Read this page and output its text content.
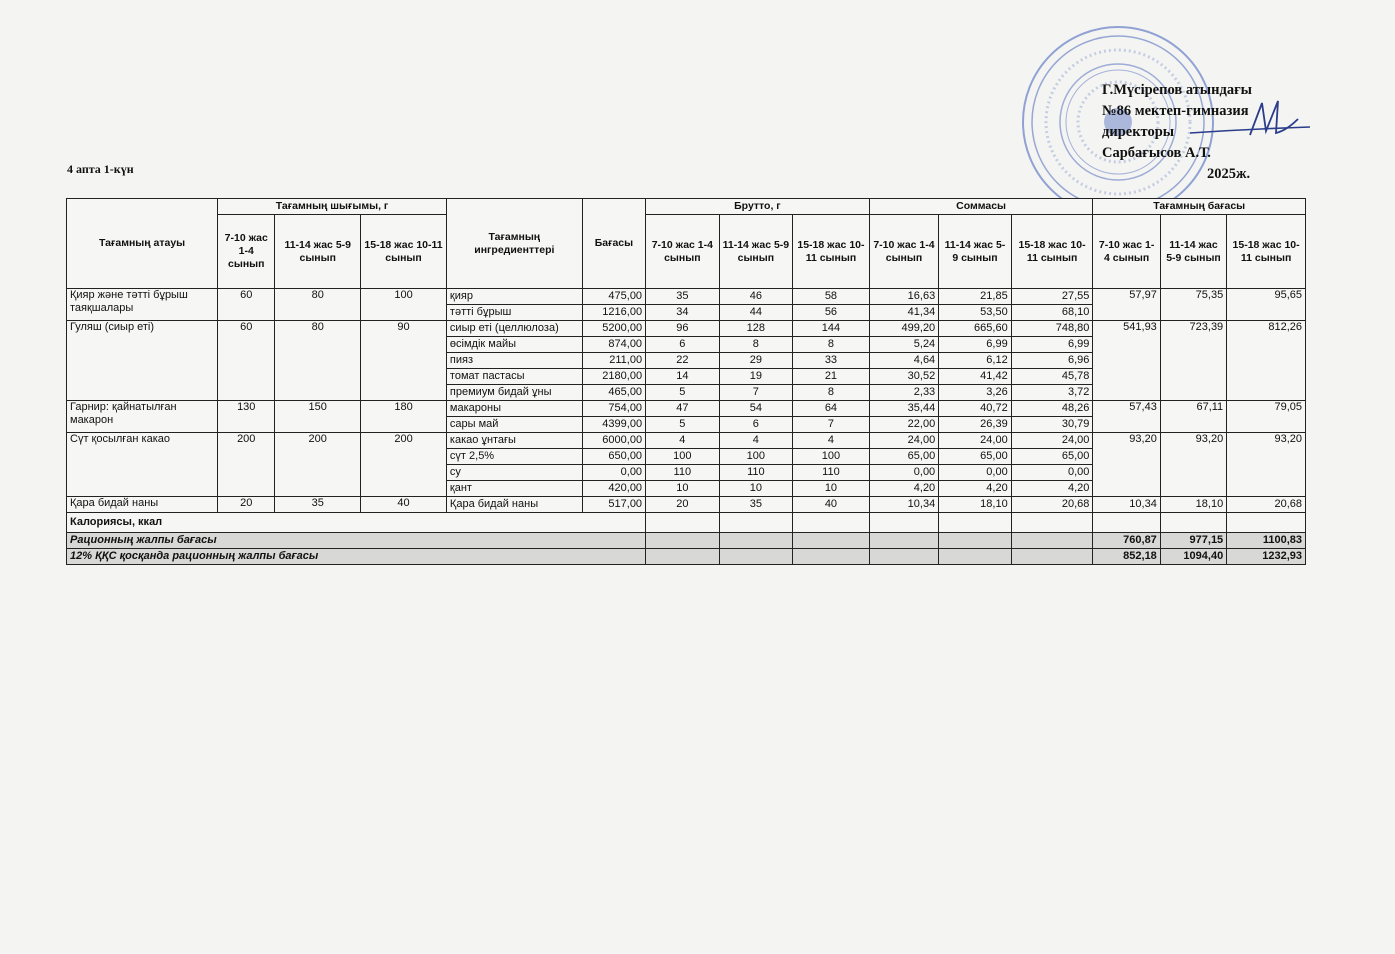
Г.Мүсірепов атындағы
№86 мектеп-гимназия
директоры
Сарбағысов А.Т.
2025ж.
4 апта 1-күн
Тағамның атауы	Тағамның шығымы, г			Тағамның ингредиенттері	Бағасы	Брутто, г			Соммасы			Тағамның бағасы		
	7-10 жас 1-4 сынып	11-14 жас 5-9 сынып	15-18 жас 10-11 сынып			7-10 жас 1-4 сынып	11-14 жас 5-9 сынып	15-18 жас 10-11 сынып	7-10 жас 1-4 сынып	11-14 жас 5-9 сынып	15-18 жас 10-11 сынып	7-10 жас 1-4 сынып	11-14 жас 5-9 сынып	15-18 жас 10-11 сынып
Қияр және тәтті бұрыш таяқшалары	60	80	100	қияр	475,00	35	46	58	16,63	21,85	27,55	57,97	75,35	95,65
				тәтті бұрыш	1216,00	34	44	56	41,34	53,50	68,10			
Гуляш (сиыр еті)	60	80	90	сиыр еті (целлюлоза)	5200,00	96	128	144	499,20	665,60	748,80	541,93	723,39	812,26
				өсімдік майы	874,00	6	8	8	5,24	6,99	6,99			
				пияз	211,00	22	29	33	4,64	6,12	6,96			
				томат пастасы	2180,00	14	19	21	30,52	41,42	45,78			
				премиум бидай ұны	465,00	5	7	8	2,33	3,26	3,72			
Гарнир: қайнатылған макарон	130	150	180	макароны	754,00	47	54	64	35,44	40,72	48,26	57,43	67,11	79,05
				сары май	4399,00	5	6	7	22,00	26,39	30,79			
Сүт қосылған какао	200	200	200	какао ұнтағы	6000,00	4	4	4	24,00	24,00	24,00	93,20	93,20	93,20
				сүт 2,5%	650,00	100	100	100	65,00	65,00	65,00			
				су	0,00	110	110	110	0,00	0,00	0,00			
				қант	420,00	10	10	10	4,20	4,20	4,20			
Қара бидай наны	20	35	40	Қара бидай наны	517,00	20	35	40	10,34	18,10	20,68	10,34	18,10	20,68
Калориясы, ккал														
Рационның жалпы бағасы												760,87	977,15	1100,83
12% ҚҚС қосқанда рационның жалпы бағасы												852,18	1094,40	1232,93
